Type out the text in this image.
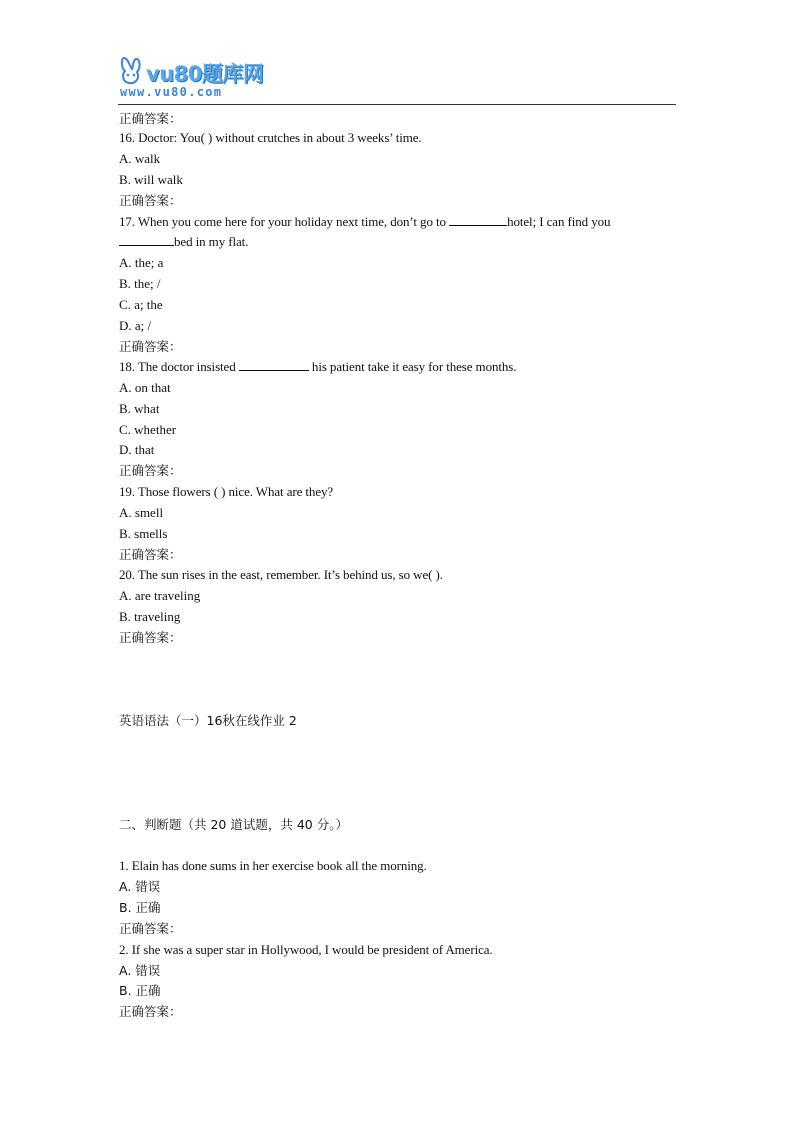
vu80题库网
www.vu80.com
正确答案：
16. Doctor: You( ) without crutches in about 3 weeks’ time.
A. walk
B. will walk
正确答案：
17. When you come here for your holiday next time, don’t go to	hotel; I can find you
bed in my flat.
A. the; a
B. the; /
C. a; the
D. a; /
正确答案：
18. The doctor insisted	his patient take it easy for these months.
A. on that
B. what
C. whether
D. that
正确答案：
19. Those flowers ( ) nice. What are they?
A. smell
B. smells
正确答案：
20. The sun rises in the east, remember. It’s behind us, so we( ).
A. are traveling
B. traveling
正确答案：
英语语法（一）16秋在线作业 2
二、判断题（共 20 道试题，共 40 分。）
1. Elain has done sums in her exercise book all the morning.
A. 错误
B. 正确
正确答案：
2. If she was a super star in Hollywood, I would be president of America.
A. 错误
B. 正确
正确答案：
